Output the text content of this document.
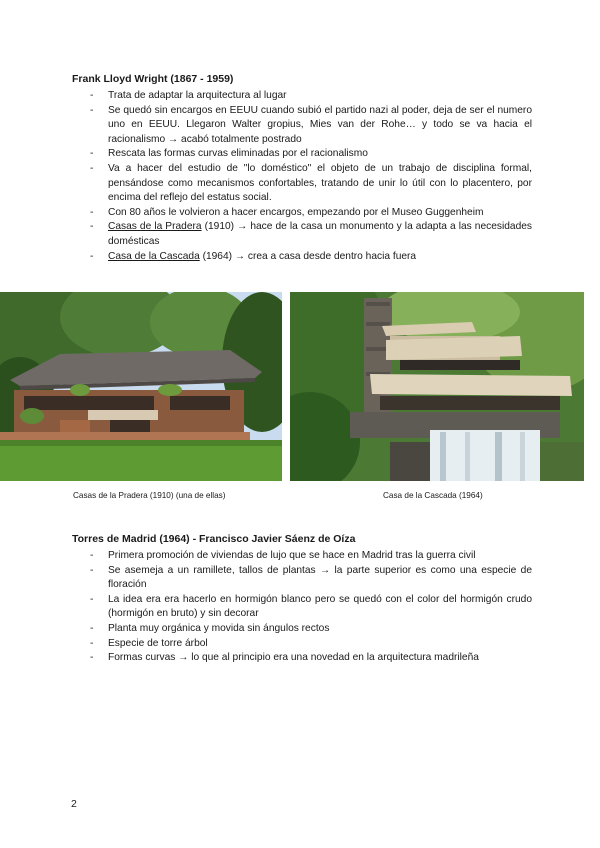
Frank Lloyd Wright (1867 - 1959)
- Trata de adaptar la arquitectura al lugar
- Se quedó sin encargos en EEUU cuando subió el partido nazi al poder, deja de ser el numero uno en EEUU. Llegaron Walter gropius, Mies van der Rohe… y todo se va hacia el racionalismo → acabó totalmente postrado
- Rescata las formas curvas eliminadas por el racionalismo
- Va a hacer del estudio de "lo doméstico" el objeto de un trabajo de disciplina formal, pensándose como mecanismos confortables, tratando de unir lo útil con lo placentero, por encima del reflejo del estatus social.
- Con 80 años le volvieron a hacer encargos, empezando por el Museo Guggenheim
- Casas de la Pradera (1910) → hace de la casa un monumento y la adapta a las necesidades domésticas
- Casa de la Cascada (1964) → crea a casa desde dentro hacia fuera
Casas de la Pradera (1910) (una de ellas)	Casa de la Cascada (1964)
Torres de Madrid (1964) - Francisco Javier Sáenz de Oíza
- Primera promoción de viviendas de lujo que se hace en Madrid tras la guerra civil
- Se asemeja a un ramillete, tallos de plantas → la parte superior es como una especie de floración
- La idea era era hacerlo en hormigón blanco pero se quedó con el color del hormigón crudo (hormigón en bruto) y sin decorar
- Planta muy orgánica y movida sin ángulos rectos
- Especie de torre árbol
- Formas curvas → lo que al principio era una novedad en la arquitectura madrileña
2
